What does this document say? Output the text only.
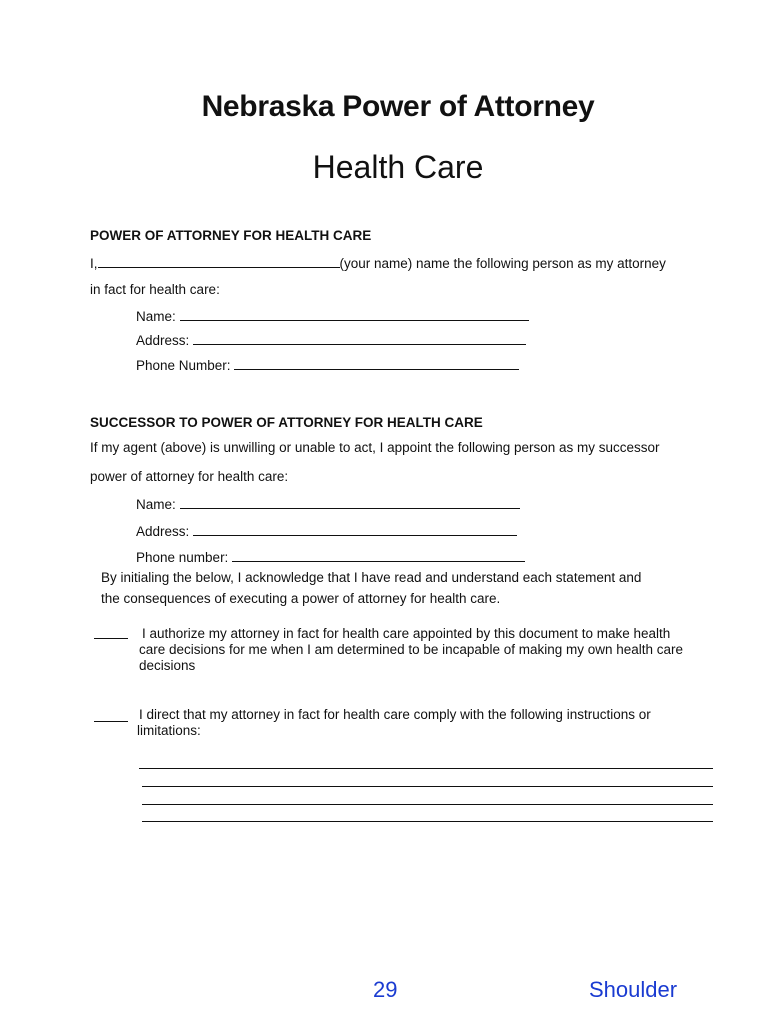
Nebraska Power of Attorney
Health Care
POWER OF ATTORNEY FOR HEALTH CARE
I,	(your name) name the following person as my attorney
in fact for health care:
Name:
Address:
Phone Number:
SUCCESSOR TO POWER OF ATTORNEY FOR HEALTH CARE
If my agent (above) is unwilling or unable to act, I appoint the following person as my successor
power of attorney for health care:
Name:
Address:
Phone number:
By initialing the below, I acknowledge that I have read and understand each statement and
the consequences of executing a power of attorney for health care.
I authorize my attorney in fact for health care appointed by this document to make health
care decisions for me when I am determined to be incapable of making my own health care
decisions
I direct that my attorney in fact for health care comply with the following instructions or
limitations:
29	Shoulder
